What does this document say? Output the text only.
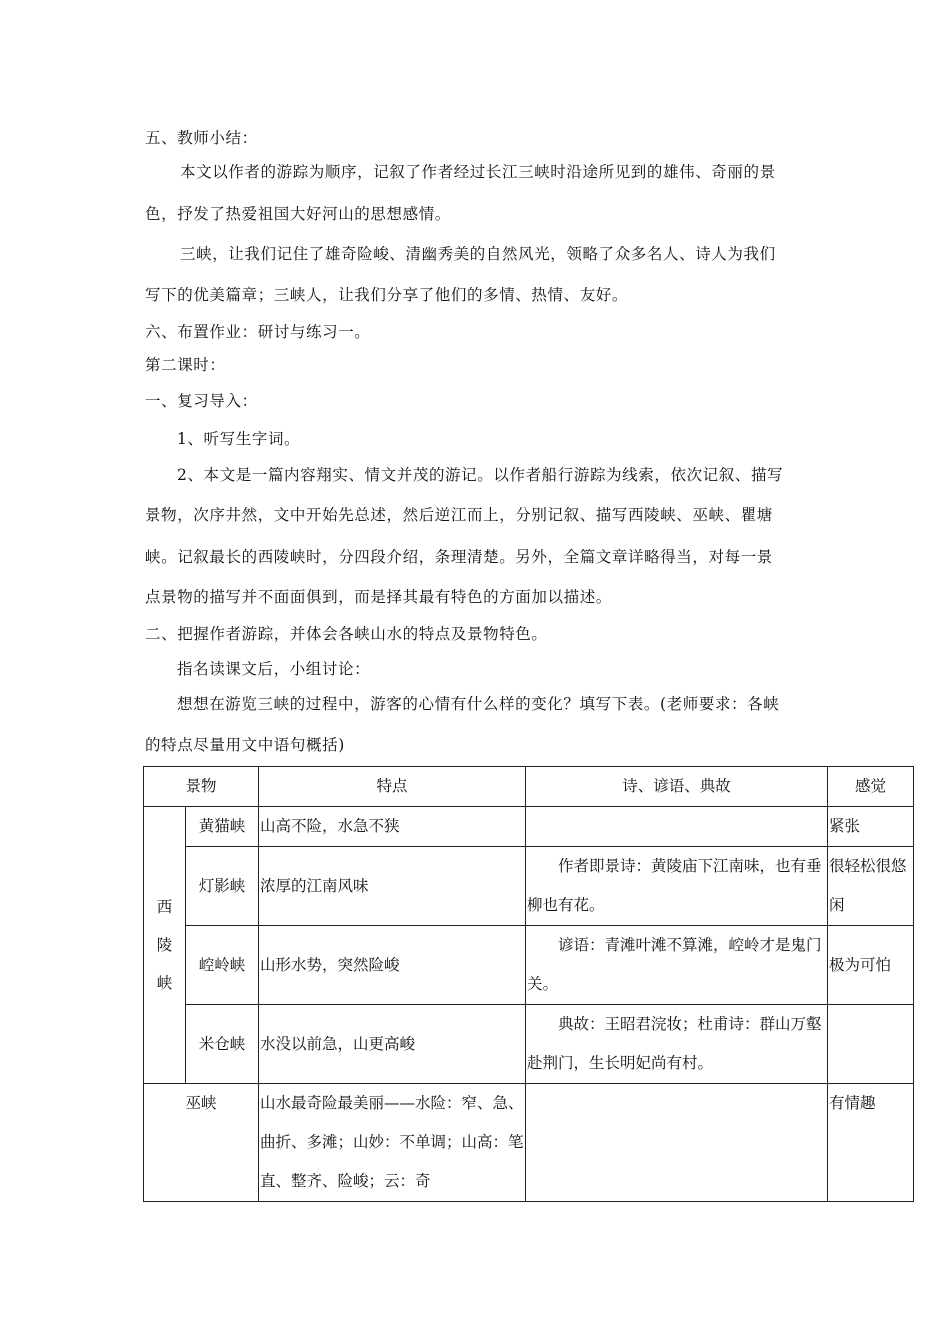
五、教师小结：
本文以作者的游踪为顺序，记叙了作者经过长江三峡时沿途所见到的雄伟、奇丽的景
色，抒发了热爱祖国大好河山的思想感情。
三峡，让我们记住了雄奇险峻、清幽秀美的自然风光，领略了众多名人、诗人为我们
写下的优美篇章；三峡人，让我们分享了他们的多情、热情、友好。
六、布置作业：研讨与练习一。
第二课时：
一、复习导入：
1、听写生字词。
2、本文是一篇内容翔实、情文并茂的游记。以作者船行游踪为线索，依次记叙、描写
景物，次序井然，文中开始先总述，然后逆江而上，分别记叙、描写西陵峡、巫峡、瞿塘
峡。记叙最长的西陵峡时，分四段介绍，条理清楚。另外，全篇文章详略得当，对每一景
点景物的描写并不面面俱到，而是择其最有特色的方面加以描述。
二、把握作者游踪，并体会各峡山水的特点及景物特色。
指名读课文后，小组讨论：
想想在游览三峡的过程中，游客的心情有什么样的变化？填写下表。(老师要求：各峡
的特点尽量用文中语句概括)
景物		特点	诗、谚语、典故	感觉
西
陵
峡	黄猫峡	山高不险，水急不狭		紧张
	灯影峡	浓厚的江南风味	作者即景诗：黄陵庙下江南味，也有垂柳也有花。	很轻松很悠闲
	崆岭峡	山形水势，突然险峻	谚语：青滩叶滩不算滩，崆岭才是鬼门关。	极为可怕
	米仓峡	水没以前急，山更高峻	典故：王昭君浣妆；杜甫诗：群山万壑赴荆门，生长明妃尚有村。	
巫峡		山水最奇险最美丽——水险：窄、急、曲折、多滩；山妙：不单调；山高：笔直、整齐、险峻；云：奇		有情趣
